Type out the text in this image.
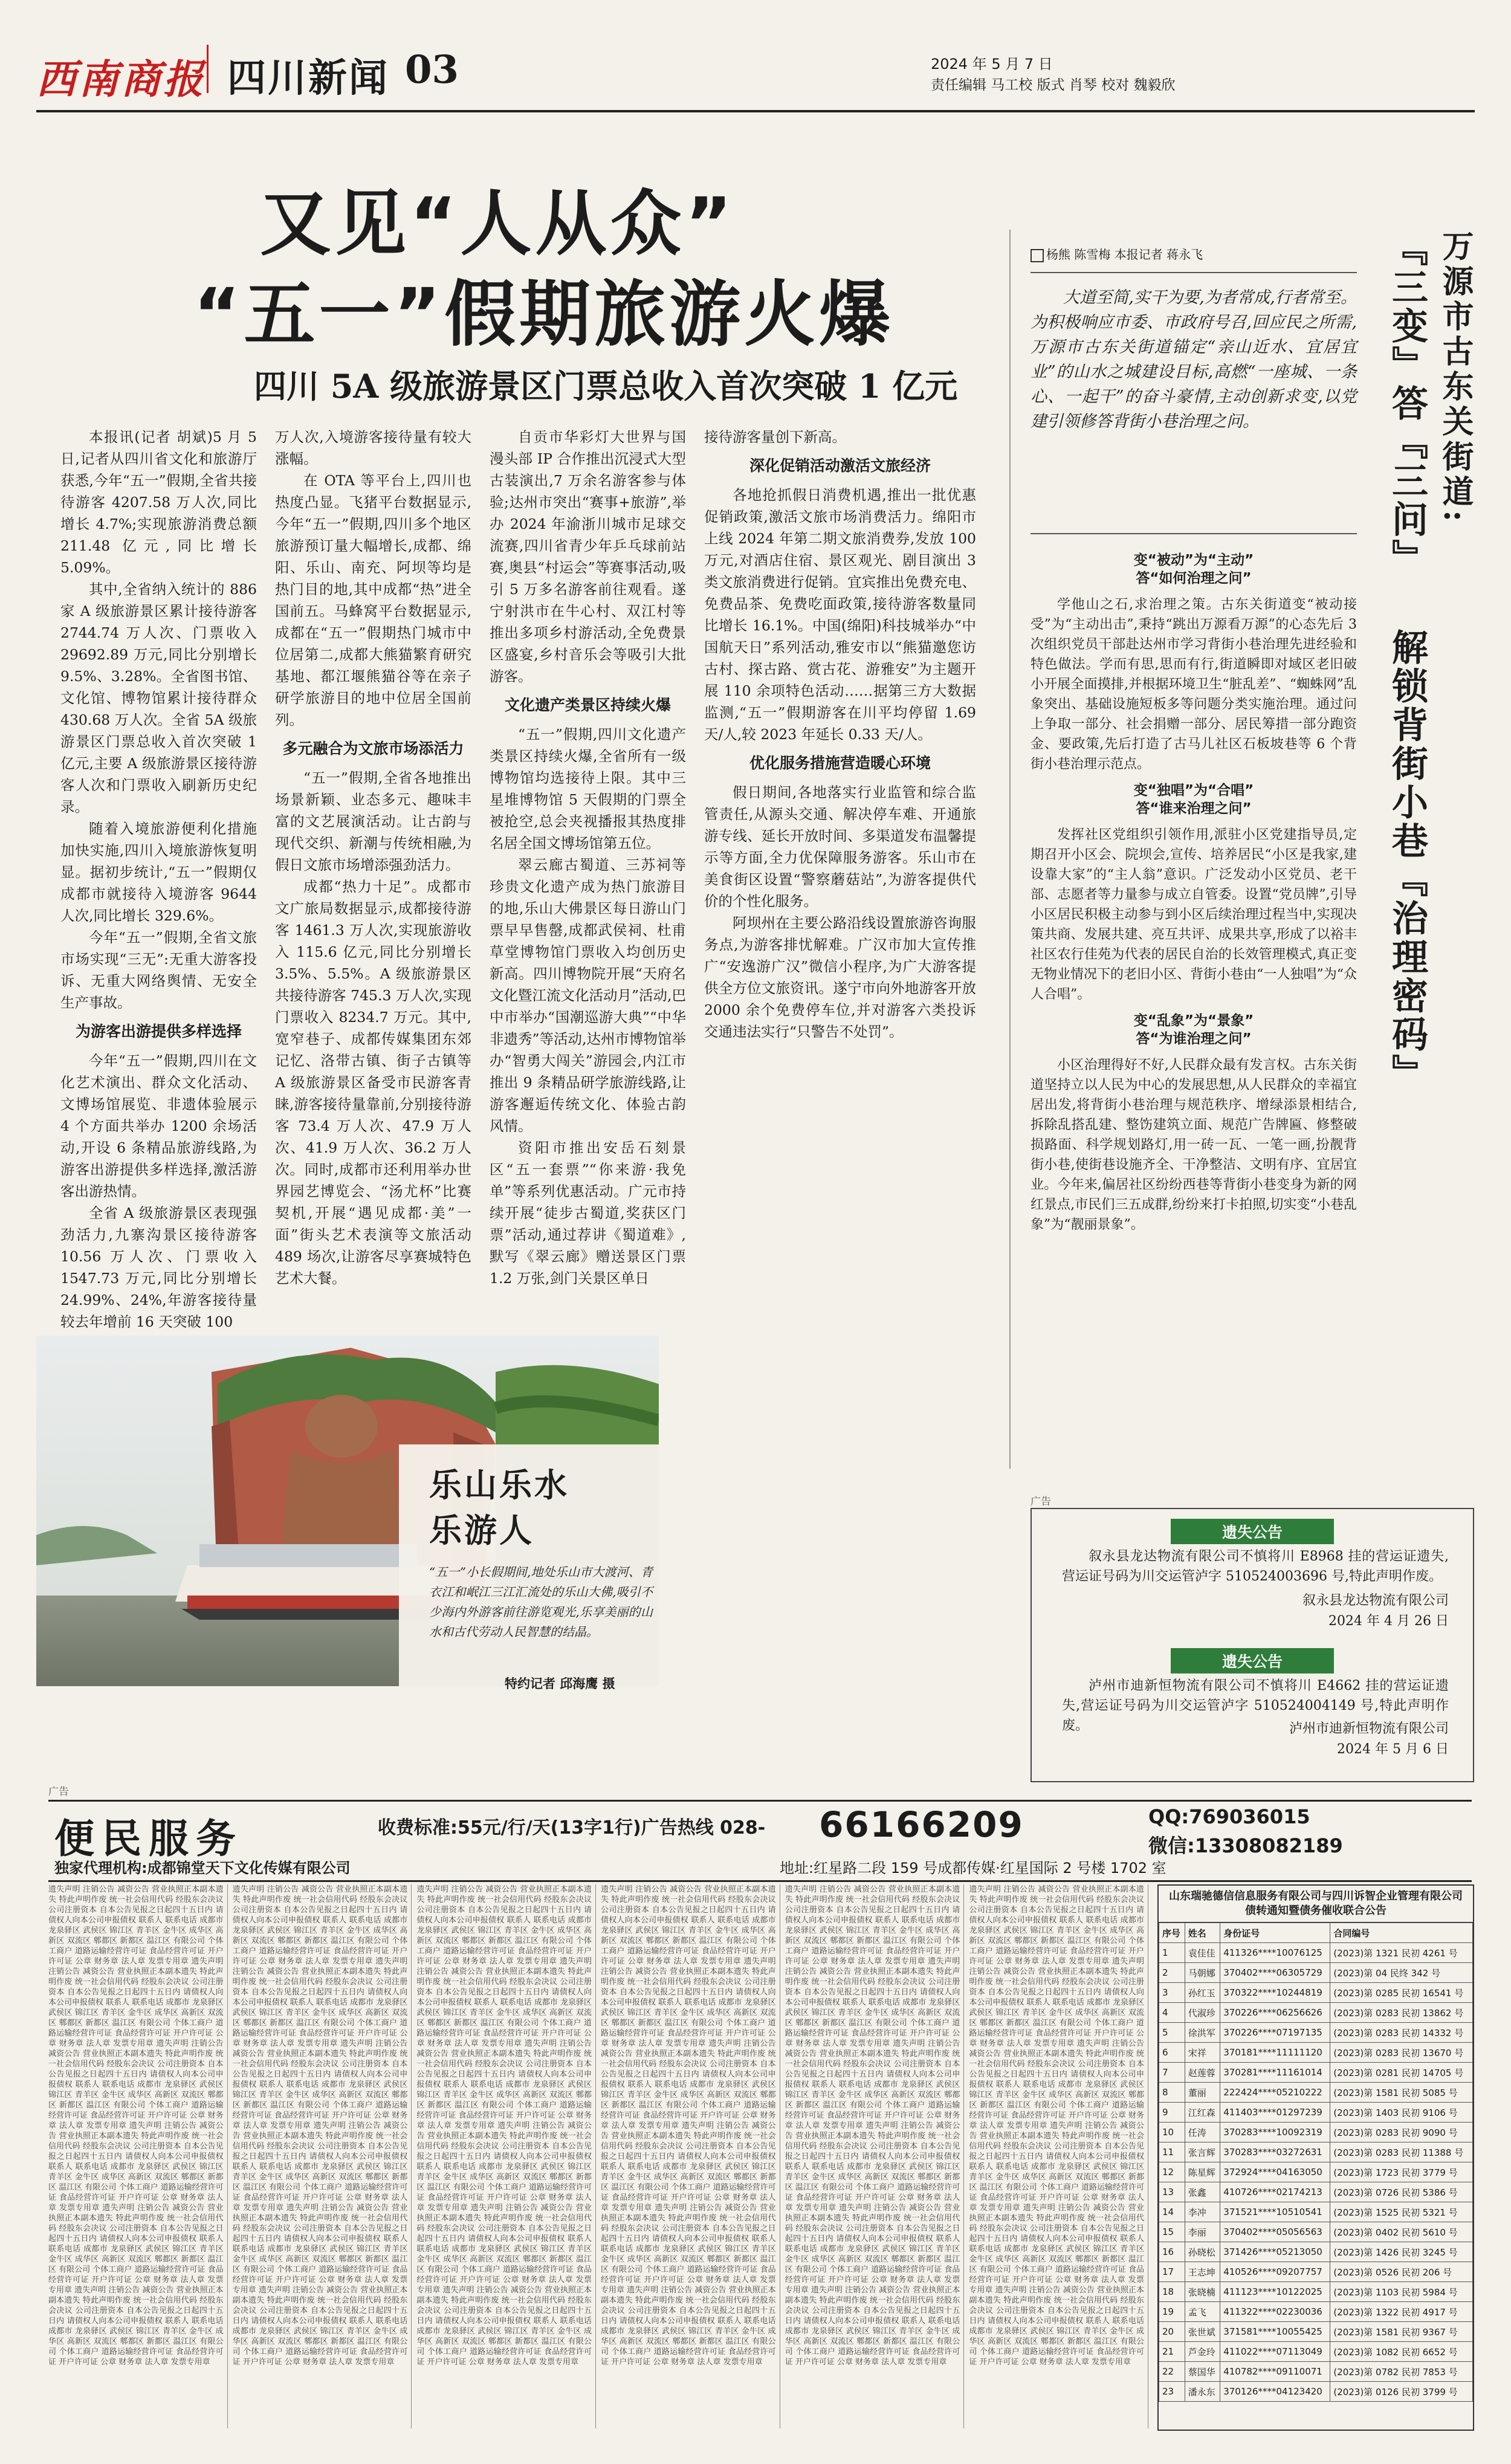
西南商报 四川新闻 03	2024 年 5 月 7 日
责任编辑 马工校 版式 肖琴 校对 魏毅欣
又见“人从众”
“五一”假期旅游火爆
四川 5A 级旅游景区门票总收入首次突破 1 亿元

本报讯(记者 胡斌)5 月 5 日,记者从四川省文化和旅游厅获悉,今年“五一”假期,全省共接待游客 4207.58 万人次,同比增长 4.7%;实现旅游消费总额 211.48 亿元,同比增长 5.09%。

其中,全省纳入统计的 886 家 A 级旅游景区累计接待游客 2744.74 万人次、门票收入 29692.89 万元,同比分别增长 9.5%、3.28%。全省图书馆、文化馆、博物馆累计接待群众 430.68 万人次。全省 5A 级旅游景区门票总收入首次突破 1 亿元,主要 A 级旅游景区接待游客人次和门票收入刷新历史纪录。

随着入境旅游便利化措施加快实施,四川入境旅游恢复明显。据初步统计,“五一”假期仅成都市就接待入境游客 9644 人次,同比增长 329.6%。

今年“五一”假期,全省文旅市场实现“三无”:无重大游客投诉、无重大网络舆情、无安全生产事故。

为游客出游提供多样选择

今年“五一”假期,四川在文化艺术演出、群众文化活动、文博场馆展览、非遗体验展示 4 个方面共举办 1200 余场活动,开设 6 条精品旅游线路,为游客出游提供多样选择,激活游客出游热情。

全省 A 级旅游景区表现强劲活力,九寨沟景区接待游客 10.56 万人次、门票收入 1547.73 万元,同比分别增长 24.99%、24%,年游客接待量较去年增前 16 天突破 100

万人次,入境游客接待量有较大涨幅。

在 OTA 等平台上,四川也热度凸显。飞猪平台数据显示,今年“五一”假期,四川多个地区旅游预订量大幅增长,成都、绵阳、乐山、南充、阿坝等均是热门目的地,其中成都“热”进全国前五。马蜂窝平台数据显示,成都在“五一”假期热门城市中位居第二,成都大熊猫繁育研究基地、都江堰熊猫谷等在亲子研学旅游目的地中位居全国前列。

多元融合为文旅市场添活力

“五一”假期,全省各地推出场景新颖、业态多元、趣味丰富的文艺展演活动。让古韵与现代交织、新潮与传统相融,为假日文旅市场增添强劲活力。

成都“热力十足”。成都市文广旅局数据显示,成都接待游客 1461.3 万人次,实现旅游收入 115.6 亿元,同比分别增长 3.5%、5.5%。A 级旅游景区共接待游客 745.3 万人次,实现门票收入 8234.7 万元。其中,宽窄巷子、成都传媒集团东郊记忆、洛带古镇、街子古镇等 A 级旅游景区备受市民游客青睐,游客接待量靠前,分别接待游客 73.4 万人次、47.9 万人次、41.9 万人次、36.2 万人次。同时,成都市还利用举办世界园艺博览会、“汤尤杯”比赛契机,开展“遇见成都·美”一面”街头艺术表演等文旅活动 489 场次,让游客尽享赛城特色艺术大餐。

自贡市华彩灯大世界与国漫头部 IP 合作推出沉浸式大型古装演出,7 万余名游客参与体验;达州市突出“赛事+旅游”,举办 2024 年渝浙川城市足球交流赛,四川省青少年乒乓球前站赛,奥县“村运会”等赛事活动,吸引 5 万多名游客前往观看。遂宁射洪市在牛心村、双江村等推出多项乡村游活动,全免费景区盛宴,乡村音乐会等吸引大批游客。

文化遗产类景区持续火爆

“五一”假期,四川文化遗产类景区持续火爆,全省所有一级博物馆均选接待上限。其中三星堆博物馆 5 天假期的门票全被抢空,总会夹视播报其热度排名居全国文博场馆第五位。

翠云廊古蜀道、三苏祠等珍贵文化遗产成为热门旅游目的地,乐山大佛景区每日游山门票早早售罄,成都武侯祠、杜甫草堂博物馆门票收入均创历史新高。四川博物院开展“天府名文化暨江流文化活动月”活动,巴中市举办“国潮巡游大典”“中华非遗秀”等活动,达州市博物馆举办“智勇大闯关”游园会,内江市推出 9 条精品研学旅游线路,让游客邂逅传统文化、体验古韵风情。

资阳市推出安岳石刻景区“五一套票”“你来游·我免单”等系列优惠活动。广元市持续开展“徒步古蜀道,奖获区门票”活动,通过荐讲《蜀道难》,默写《翠云廊》赠送景区门票 1.2 万张,剑门关景区单日

接待游客量创下新高。

深化促销活动激活文旅经济

各地抢抓假日消费机遇,推出一批优惠促销政策,激活文旅市场消费活力。绵阳市上线 2024 年第二期文旅消费券,发放 100 万元,对酒店住宿、景区观光、剧目演出 3 类文旅消费进行促销。宜宾推出免费充电、免费品茶、免费吃面政策,接待游客数量同比增长 16.1%。中国(绵阳)科技城举办“中国航天日”系列活动,雅安市以“熊猫邀您访古村、探古路、赏古花、游雅安”为主题开展 110 余项特色活动……据第三方大数据监测,“五一”假期游客在川平均停留 1.69 天/人,较 2023 年延长 0.33 天/人。

优化服务措施营造暖心环境

假日期间,各地落实行业监管和综合监管责任,从源头交通、解决停车难、开通旅游专线、延长开放时间、多渠道发布温馨提示等方面,全力优保障服务游客。乐山市在美食街区设置“警察蘑菇站”,为游客提供代价的个性化服务。

阿坝州在主要公路沿线设置旅游咨询服务点,为游客排忧解难。广汉市加大宣传推广“安逸游广汉”微信小程序,为广大游客提供全方位文旅资讯。遂宁市向外地游客开放 2000 余个免费停车位,并对游客六类投诉交通违法实行“只警告不处罚”。

乐山乐水
乐游人
“五一”小长假期间,地处乐山市大渡河、青衣江和岷江三江汇流处的乐山大佛,吸引不少海内外游客前往游览观光,乐享美丽的山水和古代劳动人民智慧的结晶。
特约记者 邱海鹰 摄
杨熊 陈雪梅 本报记者 蒋永飞	万源市古东关街道:
『三变』答『三问』
解锁背街小巷『治理密码』
大道至简,实干为要,为者常成,行者常至。为积极响应市委、市政府号召,回应民之所需,万源市古东关街道锚定“亲山近水、宜居宜业”的山水之城建设目标,高燃“一座城、一条心、一起干”的奋斗豪情,主动创新求变,以党建引领修答背街小巷治理之问。
变“被动”为“主动”
答“如何治理之问”

学他山之石,求治理之策。古东关街道变“被动接受”为“主动出击”,秉持“跳出万源看万源”的心态先后 3 次组织党员干部赴达州市学习背街小巷治理先进经验和特色做法。学而有思,思而有行,街道瞬即对域区老旧破小开展全面摸排,并根据环境卫生“脏乱差”、“蜘蛛网”乱象突出、基础设施短板多等问题分类实施治理。通过问上争取一部分、社会捐赠一部分、居民筹措一部分跑资金、要政策,先后打造了古马儿社区石板坡巷等 6 个背街小巷治理示范点。

变“独唱”为“合唱”
答“谁来治理之问”

发挥社区党组织引领作用,派驻小区党建指导员,定期召开小区会、院坝会,宣传、培养居民“小区是我家,建设靠大家”的“主人翁”意识。广泛发动小区党员、老干部、志愿者等力量参与成立自管委。设置“党员牌”,引导小区居民积极主动参与到小区后续治理过程当中,实现决策共商、发展共建、亮互共评、成果共享,形成了以裕丰社区农行佳苑为代表的居民自治的长效管理模式,真正变无物业情况下的老旧小区、背街小巷由“一人独唱”为“众人合唱”。

变“乱象”为“景象”
答“为谁治理之问”

小区治理得好不好,人民群众最有发言权。古东关街道坚持立以人民为中心的发展思想,从人民群众的幸福宜居出发,将背街小巷治理与规范秩序、增绿添景相结合,拆除乱搭乱建、整饬建筑立面、规范广告牌匾、修整破损路面、科学规划路灯,用一砖一瓦、一笔一画,扮靓背街小巷,使街巷设施齐全、干净整洁、文明有序、宜居宜业。今年来,偏居社区纷纷西巷等背街小巷变身为新的网红景点,市民们三五成群,纷纷来打卡拍照,切实变“小巷乱象”为“靓丽景象”。

广告
遗失公告
叙永县龙达物流有限公司不慎将川 E8968 挂的营运证遗失,营运证号码为川交运管泸字 510524003696 号,特此声明作废。
叙永县龙达物流有限公司
2024 年 4 月 26 日
遗失公告
泸州市迪新恒物流有限公司不慎将川 E4662 挂的营运证遗失,营运证号码为川交运管泸字 510524004149 号,特此声明作废。	泸州市迪新恒物流有限公司
2024 年 5 月 6 日
广告
便民服务	收费标准:55元/行/天(13字1行)广告热线 028- 66166209	QQ:769036015
微信:13308082189
独家代理机构:成都锦堂天下文化传媒有限公司	地址:红星路二段 159 号成都传媒·红星国际 2 号楼 1702 室
遗失声明 注销公告 减资公告 营业执照正本副本遗失 特此声明作废 统一社会信用代码 经股东会决议 公司注册资本 自本公告见报之日起四十五日内 请债权人向本公司申报债权 联系人 联系电话 成都市 龙泉驿区 武侯区 锦江区 青羊区 金牛区 成华区 高新区 双流区 郫都区 新都区 温江区 有限公司 个体工商户 道路运输经营许可证 食品经营许可证 开户许可证 公章 财务章 法人章 发票专用章 遗失声明 注销公告 减资公告 营业执照正本副本遗失 特此声明作废 统一社会信用代码 经股东会决议 公司注册资本 自本公告见报之日起四十五日内 请债权人向本公司申报债权 联系人 联系电话 成都市 龙泉驿区 武侯区 锦江区 青羊区 金牛区 成华区 高新区 双流区 郫都区 新都区 温江区 有限公司 个体工商户 道路运输经营许可证 食品经营许可证 开户许可证 公章 财务章 法人章 发票专用章 遗失声明 注销公告 减资公告 营业执照正本副本遗失 特此声明作废 统一社会信用代码 经股东会决议 公司注册资本 自本公告见报之日起四十五日内 请债权人向本公司申报债权 联系人 联系电话 成都市 龙泉驿区 武侯区 锦江区 青羊区 金牛区 成华区 高新区 双流区 郫都区 新都区 温江区 有限公司 个体工商户 道路运输经营许可证 食品经营许可证 开户许可证 公章 财务章 法人章 发票专用章 遗失声明 注销公告 减资公告 营业执照正本副本遗失 特此声明作废 统一社会信用代码 经股东会决议 公司注册资本 自本公告见报之日起四十五日内 请债权人向本公司申报债权 联系人 联系电话 成都市 龙泉驿区 武侯区 锦江区 青羊区 金牛区 成华区 高新区 双流区 郫都区 新都区 温江区 有限公司 个体工商户 道路运输经营许可证 食品经营许可证 开户许可证 公章 财务章 法人章 发票专用章 遗失声明 注销公告 减资公告 营业执照正本副本遗失 特此声明作废 统一社会信用代码 经股东会决议 公司注册资本 自本公告见报之日起四十五日内 请债权人向本公司申报债权 联系人 联系电话 成都市 龙泉驿区 武侯区 锦江区 青羊区 金牛区 成华区 高新区 双流区 郫都区 新都区 温江区 有限公司 个体工商户 道路运输经营许可证 食品经营许可证 开户许可证 公章 财务章 法人章 发票专用章 遗失声明 注销公告 减资公告 营业执照正本副本遗失 特此声明作废 统一社会信用代码 经股东会决议 公司注册资本 自本公告见报之日起四十五日内 请债权人向本公司申报债权 联系人 联系电话 成都市 龙泉驿区 武侯区 锦江区 青羊区 金牛区 成华区 高新区 双流区 郫都区 新都区 温江区 有限公司 个体工商户 道路运输经营许可证 食品经营许可证 开户许可证 公章 财务章 法人章 发票专用章
遗失声明 注销公告 减资公告 营业执照正本副本遗失 特此声明作废 统一社会信用代码 经股东会决议 公司注册资本 自本公告见报之日起四十五日内 请债权人向本公司申报债权 联系人 联系电话 成都市 龙泉驿区 武侯区 锦江区 青羊区 金牛区 成华区 高新区 双流区 郫都区 新都区 温江区 有限公司 个体工商户 道路运输经营许可证 食品经营许可证 开户许可证 公章 财务章 法人章 发票专用章 遗失声明 注销公告 减资公告 营业执照正本副本遗失 特此声明作废 统一社会信用代码 经股东会决议 公司注册资本 自本公告见报之日起四十五日内 请债权人向本公司申报债权 联系人 联系电话 成都市 龙泉驿区 武侯区 锦江区 青羊区 金牛区 成华区 高新区 双流区 郫都区 新都区 温江区 有限公司 个体工商户 道路运输经营许可证 食品经营许可证 开户许可证 公章 财务章 法人章 发票专用章 遗失声明 注销公告 减资公告 营业执照正本副本遗失 特此声明作废 统一社会信用代码 经股东会决议 公司注册资本 自本公告见报之日起四十五日内 请债权人向本公司申报债权 联系人 联系电话 成都市 龙泉驿区 武侯区 锦江区 青羊区 金牛区 成华区 高新区 双流区 郫都区 新都区 温江区 有限公司 个体工商户 道路运输经营许可证 食品经营许可证 开户许可证 公章 财务章 法人章 发票专用章 遗失声明 注销公告 减资公告 营业执照正本副本遗失 特此声明作废 统一社会信用代码 经股东会决议 公司注册资本 自本公告见报之日起四十五日内 请债权人向本公司申报债权 联系人 联系电话 成都市 龙泉驿区 武侯区 锦江区 青羊区 金牛区 成华区 高新区 双流区 郫都区 新都区 温江区 有限公司 个体工商户 道路运输经营许可证 食品经营许可证 开户许可证 公章 财务章 法人章 发票专用章 遗失声明 注销公告 减资公告 营业执照正本副本遗失 特此声明作废 统一社会信用代码 经股东会决议 公司注册资本 自本公告见报之日起四十五日内 请债权人向本公司申报债权 联系人 联系电话 成都市 龙泉驿区 武侯区 锦江区 青羊区 金牛区 成华区 高新区 双流区 郫都区 新都区 温江区 有限公司 个体工商户 道路运输经营许可证 食品经营许可证 开户许可证 公章 财务章 法人章 发票专用章 遗失声明 注销公告 减资公告 营业执照正本副本遗失 特此声明作废 统一社会信用代码 经股东会决议 公司注册资本 自本公告见报之日起四十五日内 请债权人向本公司申报债权 联系人 联系电话 成都市 龙泉驿区 武侯区 锦江区 青羊区 金牛区 成华区 高新区 双流区 郫都区 新都区 温江区 有限公司 个体工商户 道路运输经营许可证 食品经营许可证 开户许可证 公章 财务章 法人章 发票专用章
遗失声明 注销公告 减资公告 营业执照正本副本遗失 特此声明作废 统一社会信用代码 经股东会决议 公司注册资本 自本公告见报之日起四十五日内 请债权人向本公司申报债权 联系人 联系电话 成都市 龙泉驿区 武侯区 锦江区 青羊区 金牛区 成华区 高新区 双流区 郫都区 新都区 温江区 有限公司 个体工商户 道路运输经营许可证 食品经营许可证 开户许可证 公章 财务章 法人章 发票专用章 遗失声明 注销公告 减资公告 营业执照正本副本遗失 特此声明作废 统一社会信用代码 经股东会决议 公司注册资本 自本公告见报之日起四十五日内 请债权人向本公司申报债权 联系人 联系电话 成都市 龙泉驿区 武侯区 锦江区 青羊区 金牛区 成华区 高新区 双流区 郫都区 新都区 温江区 有限公司 个体工商户 道路运输经营许可证 食品经营许可证 开户许可证 公章 财务章 法人章 发票专用章 遗失声明 注销公告 减资公告 营业执照正本副本遗失 特此声明作废 统一社会信用代码 经股东会决议 公司注册资本 自本公告见报之日起四十五日内 请债权人向本公司申报债权 联系人 联系电话 成都市 龙泉驿区 武侯区 锦江区 青羊区 金牛区 成华区 高新区 双流区 郫都区 新都区 温江区 有限公司 个体工商户 道路运输经营许可证 食品经营许可证 开户许可证 公章 财务章 法人章 发票专用章 遗失声明 注销公告 减资公告 营业执照正本副本遗失 特此声明作废 统一社会信用代码 经股东会决议 公司注册资本 自本公告见报之日起四十五日内 请债权人向本公司申报债权 联系人 联系电话 成都市 龙泉驿区 武侯区 锦江区 青羊区 金牛区 成华区 高新区 双流区 郫都区 新都区 温江区 有限公司 个体工商户 道路运输经营许可证 食品经营许可证 开户许可证 公章 财务章 法人章 发票专用章 遗失声明 注销公告 减资公告 营业执照正本副本遗失 特此声明作废 统一社会信用代码 经股东会决议 公司注册资本 自本公告见报之日起四十五日内 请债权人向本公司申报债权 联系人 联系电话 成都市 龙泉驿区 武侯区 锦江区 青羊区 金牛区 成华区 高新区 双流区 郫都区 新都区 温江区 有限公司 个体工商户 道路运输经营许可证 食品经营许可证 开户许可证 公章 财务章 法人章 发票专用章 遗失声明 注销公告 减资公告 营业执照正本副本遗失 特此声明作废 统一社会信用代码 经股东会决议 公司注册资本 自本公告见报之日起四十五日内 请债权人向本公司申报债权 联系人 联系电话 成都市 龙泉驿区 武侯区 锦江区 青羊区 金牛区 成华区 高新区 双流区 郫都区 新都区 温江区 有限公司 个体工商户 道路运输经营许可证 食品经营许可证 开户许可证 公章 财务章 法人章 发票专用章
遗失声明 注销公告 减资公告 营业执照正本副本遗失 特此声明作废 统一社会信用代码 经股东会决议 公司注册资本 自本公告见报之日起四十五日内 请债权人向本公司申报债权 联系人 联系电话 成都市 龙泉驿区 武侯区 锦江区 青羊区 金牛区 成华区 高新区 双流区 郫都区 新都区 温江区 有限公司 个体工商户 道路运输经营许可证 食品经营许可证 开户许可证 公章 财务章 法人章 发票专用章 遗失声明 注销公告 减资公告 营业执照正本副本遗失 特此声明作废 统一社会信用代码 经股东会决议 公司注册资本 自本公告见报之日起四十五日内 请债权人向本公司申报债权 联系人 联系电话 成都市 龙泉驿区 武侯区 锦江区 青羊区 金牛区 成华区 高新区 双流区 郫都区 新都区 温江区 有限公司 个体工商户 道路运输经营许可证 食品经营许可证 开户许可证 公章 财务章 法人章 发票专用章 遗失声明 注销公告 减资公告 营业执照正本副本遗失 特此声明作废 统一社会信用代码 经股东会决议 公司注册资本 自本公告见报之日起四十五日内 请债权人向本公司申报债权 联系人 联系电话 成都市 龙泉驿区 武侯区 锦江区 青羊区 金牛区 成华区 高新区 双流区 郫都区 新都区 温江区 有限公司 个体工商户 道路运输经营许可证 食品经营许可证 开户许可证 公章 财务章 法人章 发票专用章 遗失声明 注销公告 减资公告 营业执照正本副本遗失 特此声明作废 统一社会信用代码 经股东会决议 公司注册资本 自本公告见报之日起四十五日内 请债权人向本公司申报债权 联系人 联系电话 成都市 龙泉驿区 武侯区 锦江区 青羊区 金牛区 成华区 高新区 双流区 郫都区 新都区 温江区 有限公司 个体工商户 道路运输经营许可证 食品经营许可证 开户许可证 公章 财务章 法人章 发票专用章 遗失声明 注销公告 减资公告 营业执照正本副本遗失 特此声明作废 统一社会信用代码 经股东会决议 公司注册资本 自本公告见报之日起四十五日内 请债权人向本公司申报债权 联系人 联系电话 成都市 龙泉驿区 武侯区 锦江区 青羊区 金牛区 成华区 高新区 双流区 郫都区 新都区 温江区 有限公司 个体工商户 道路运输经营许可证 食品经营许可证 开户许可证 公章 财务章 法人章 发票专用章 遗失声明 注销公告 减资公告 营业执照正本副本遗失 特此声明作废 统一社会信用代码 经股东会决议 公司注册资本 自本公告见报之日起四十五日内 请债权人向本公司申报债权 联系人 联系电话 成都市 龙泉驿区 武侯区 锦江区 青羊区 金牛区 成华区 高新区 双流区 郫都区 新都区 温江区 有限公司 个体工商户 道路运输经营许可证 食品经营许可证 开户许可证 公章 财务章 法人章 发票专用章
遗失声明 注销公告 减资公告 营业执照正本副本遗失 特此声明作废 统一社会信用代码 经股东会决议 公司注册资本 自本公告见报之日起四十五日内 请债权人向本公司申报债权 联系人 联系电话 成都市 龙泉驿区 武侯区 锦江区 青羊区 金牛区 成华区 高新区 双流区 郫都区 新都区 温江区 有限公司 个体工商户 道路运输经营许可证 食品经营许可证 开户许可证 公章 财务章 法人章 发票专用章 遗失声明 注销公告 减资公告 营业执照正本副本遗失 特此声明作废 统一社会信用代码 经股东会决议 公司注册资本 自本公告见报之日起四十五日内 请债权人向本公司申报债权 联系人 联系电话 成都市 龙泉驿区 武侯区 锦江区 青羊区 金牛区 成华区 高新区 双流区 郫都区 新都区 温江区 有限公司 个体工商户 道路运输经营许可证 食品经营许可证 开户许可证 公章 财务章 法人章 发票专用章 遗失声明 注销公告 减资公告 营业执照正本副本遗失 特此声明作废 统一社会信用代码 经股东会决议 公司注册资本 自本公告见报之日起四十五日内 请债权人向本公司申报债权 联系人 联系电话 成都市 龙泉驿区 武侯区 锦江区 青羊区 金牛区 成华区 高新区 双流区 郫都区 新都区 温江区 有限公司 个体工商户 道路运输经营许可证 食品经营许可证 开户许可证 公章 财务章 法人章 发票专用章 遗失声明 注销公告 减资公告 营业执照正本副本遗失 特此声明作废 统一社会信用代码 经股东会决议 公司注册资本 自本公告见报之日起四十五日内 请债权人向本公司申报债权 联系人 联系电话 成都市 龙泉驿区 武侯区 锦江区 青羊区 金牛区 成华区 高新区 双流区 郫都区 新都区 温江区 有限公司 个体工商户 道路运输经营许可证 食品经营许可证 开户许可证 公章 财务章 法人章 发票专用章 遗失声明 注销公告 减资公告 营业执照正本副本遗失 特此声明作废 统一社会信用代码 经股东会决议 公司注册资本 自本公告见报之日起四十五日内 请债权人向本公司申报债权 联系人 联系电话 成都市 龙泉驿区 武侯区 锦江区 青羊区 金牛区 成华区 高新区 双流区 郫都区 新都区 温江区 有限公司 个体工商户 道路运输经营许可证 食品经营许可证 开户许可证 公章 财务章 法人章 发票专用章 遗失声明 注销公告 减资公告 营业执照正本副本遗失 特此声明作废 统一社会信用代码 经股东会决议 公司注册资本 自本公告见报之日起四十五日内 请债权人向本公司申报债权 联系人 联系电话 成都市 龙泉驿区 武侯区 锦江区 青羊区 金牛区 成华区 高新区 双流区 郫都区 新都区 温江区 有限公司 个体工商户 道路运输经营许可证 食品经营许可证 开户许可证 公章 财务章 法人章 发票专用章
遗失声明 注销公告 减资公告 营业执照正本副本遗失 特此声明作废 统一社会信用代码 经股东会决议 公司注册资本 自本公告见报之日起四十五日内 请债权人向本公司申报债权 联系人 联系电话 成都市 龙泉驿区 武侯区 锦江区 青羊区 金牛区 成华区 高新区 双流区 郫都区 新都区 温江区 有限公司 个体工商户 道路运输经营许可证 食品经营许可证 开户许可证 公章 财务章 法人章 发票专用章 遗失声明 注销公告 减资公告 营业执照正本副本遗失 特此声明作废 统一社会信用代码 经股东会决议 公司注册资本 自本公告见报之日起四十五日内 请债权人向本公司申报债权 联系人 联系电话 成都市 龙泉驿区 武侯区 锦江区 青羊区 金牛区 成华区 高新区 双流区 郫都区 新都区 温江区 有限公司 个体工商户 道路运输经营许可证 食品经营许可证 开户许可证 公章 财务章 法人章 发票专用章 遗失声明 注销公告 减资公告 营业执照正本副本遗失 特此声明作废 统一社会信用代码 经股东会决议 公司注册资本 自本公告见报之日起四十五日内 请债权人向本公司申报债权 联系人 联系电话 成都市 龙泉驿区 武侯区 锦江区 青羊区 金牛区 成华区 高新区 双流区 郫都区 新都区 温江区 有限公司 个体工商户 道路运输经营许可证 食品经营许可证 开户许可证 公章 财务章 法人章 发票专用章 遗失声明 注销公告 减资公告 营业执照正本副本遗失 特此声明作废 统一社会信用代码 经股东会决议 公司注册资本 自本公告见报之日起四十五日内 请债权人向本公司申报债权 联系人 联系电话 成都市 龙泉驿区 武侯区 锦江区 青羊区 金牛区 成华区 高新区 双流区 郫都区 新都区 温江区 有限公司 个体工商户 道路运输经营许可证 食品经营许可证 开户许可证 公章 财务章 法人章 发票专用章 遗失声明 注销公告 减资公告 营业执照正本副本遗失 特此声明作废 统一社会信用代码 经股东会决议 公司注册资本 自本公告见报之日起四十五日内 请债权人向本公司申报债权 联系人 联系电话 成都市 龙泉驿区 武侯区 锦江区 青羊区 金牛区 成华区 高新区 双流区 郫都区 新都区 温江区 有限公司 个体工商户 道路运输经营许可证 食品经营许可证 开户许可证 公章 财务章 法人章 发票专用章 遗失声明 注销公告 减资公告 营业执照正本副本遗失 特此声明作废 统一社会信用代码 经股东会决议 公司注册资本 自本公告见报之日起四十五日内 请债权人向本公司申报债权 联系人 联系电话 成都市 龙泉驿区 武侯区 锦江区 青羊区 金牛区 成华区 高新区 双流区 郫都区 新都区 温江区 有限公司 个体工商户 道路运输经营许可证 食品经营许可证 开户许可证 公章 财务章 法人章 发票专用章
山东瑞驰德信信息服务有限公司与四川诉智企业管理有限公司 债转通知暨债务催收联合公告
序号	姓名	身份证号	合同编号
1	袁佳佳	411326****10076125	(2023)第 1321 民初 4261 号
2	马朝娜	370402****06305729	(2023)第 04 民终 342 号
3	孙红玉	370322****10244819	(2023)第 0285 民初 16541 号
4	代淑珍	370226****06256626	(2023)第 0283 民初 13862 号
5	徐洪军	370226****07197135	(2023)第 0283 民初 14332 号
6	宋祥	370181****11111120	(2023)第 0283 民初 13670 号
7	赵莲蓉	370281****11161014	(2023)第 0281 民初 14705 号
8	董丽	222424****05210222	(2023)第 1581 民初 5085 号
9	江红森	411403****01297239	(2023)第 1403 民初 9106 号
10	任涛	370283****10092319	(2023)第 0283 民初 9090 号
11	张言辉	370283****03272631	(2023)第 0283 民初 11388 号
12	陈星辉	372924****04163050	(2023)第 1723 民初 3779 号
13	张鑫	410726****02174213	(2023)第 0726 民初 5386 号
14	李冲	371521****10510541	(2023)第 1525 民初 5321 号
15	李丽	370402****05056563	(2023)第 0402 民初 5610 号
16	孙晓松	371426****05213050	(2023)第 1426 民初 3245 号
17	王志坤	410526****09207757	(2023)第 0526 民初 206 号
18	张晓楠	411123****10122025	(2023)第 1103 民初 5984 号
19	孟飞	411322****02230036	(2023)第 1322 民初 4917 号
20	张世斌	371581****10055425	(2023)第 1581 民初 9367 号
21	芦金玲	411022****07113049	(2023)第 1082 民初 6652 号
22	蔡国华	410782****09110071	(2023)第 0782 民初 7853 号
23	潘永东	370126****04123420	(2023)第 0126 民初 3799 号
